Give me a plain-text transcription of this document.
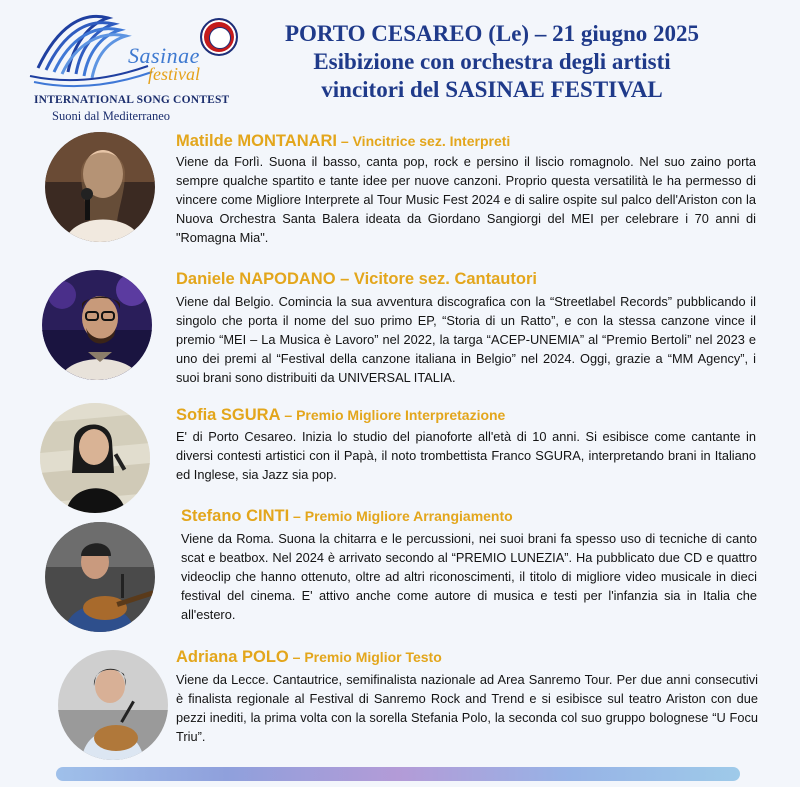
Sasinae
festival
INTERNATIONAL SONG CONTEST
Suoni dal Mediterraneo
PORTO CESAREO (Le) – 21 giugno 2025
Esibizione con orchestra degli artisti
vincitori del SASINAE FESTIVAL
Matilde MONTANARI – Vincitrice sez. Interpreti
Viene da Forlì. Suona il basso, canta pop, rock e persino il liscio romagnolo. Nel suo zaino porta sempre qualche spartito e tante idee per nuove canzoni. Proprio questa versatilità le ha permesso di vincere come Migliore Interprete al Tour Music Fest 2024 e di salire ospite sul palco dell'Ariston con la Nuova Orchestra Santa Balera ideata da Giordano Sangiorgi del MEI per celebrare i 70 anni di "Romagna Mia".
Daniele NAPODANO – Vicitore sez. Cantautori
Viene dal Belgio. Comincia la sua avventura discografica con la “Streetlabel Records” pubblicando il singolo che porta il nome del suo primo EP, “Storia di un Ratto”, e con la stessa canzone vince il premio “MEI – La Musica è Lavoro” nel 2022, la targa “ACEP-UNEMIA” al “Premio Bertoli” nel 2023 e uno dei premi al “Festival della canzone italiana in Belgio” nel 2024. Oggi, grazie a “MM Agency”, i suoi brani sono distribuiti da UNIVERSAL ITALIA.
Sofia SGURA – Premio Migliore Interpretazione
E' di Porto Cesareo. Inizia lo studio del pianoforte all'età di 10 anni. Si esibisce come cantante in diversi contesti artistici con il Papà, il noto trombettista Franco SGURA, interpretando brani in Italiano ed Inglese, sia Jazz sia pop.
Stefano CINTI – Premio Migliore Arrangiamento
Viene da Roma. Suona la chitarra e le percussioni, nei suoi brani fa spesso uso di tecniche di canto scat e beatbox. Nel 2024 è arrivato secondo al “PREMIO LUNEZIA”. Ha pubblicato due CD e quattro videoclip che hanno ottenuto, oltre ad altri riconoscimenti, il titolo di migliore video musicale in dieci festival del cinema. E' attivo anche come autore di musica e testi per l'infanzia sia in Italia che all'estero.
Adriana POLO – Premio Miglior Testo
Viene da Lecce. Cantautrice, semifinalista nazionale ad Area Sanremo Tour. Per due anni consecutivi è finalista regionale al Festival di Sanremo Rock and Trend e si esibisce sul teatro Ariston con due pezzi inediti, la prima volta con la sorella Stefania Polo, la seconda col suo gruppo bolognese “U Focu Triu”.
